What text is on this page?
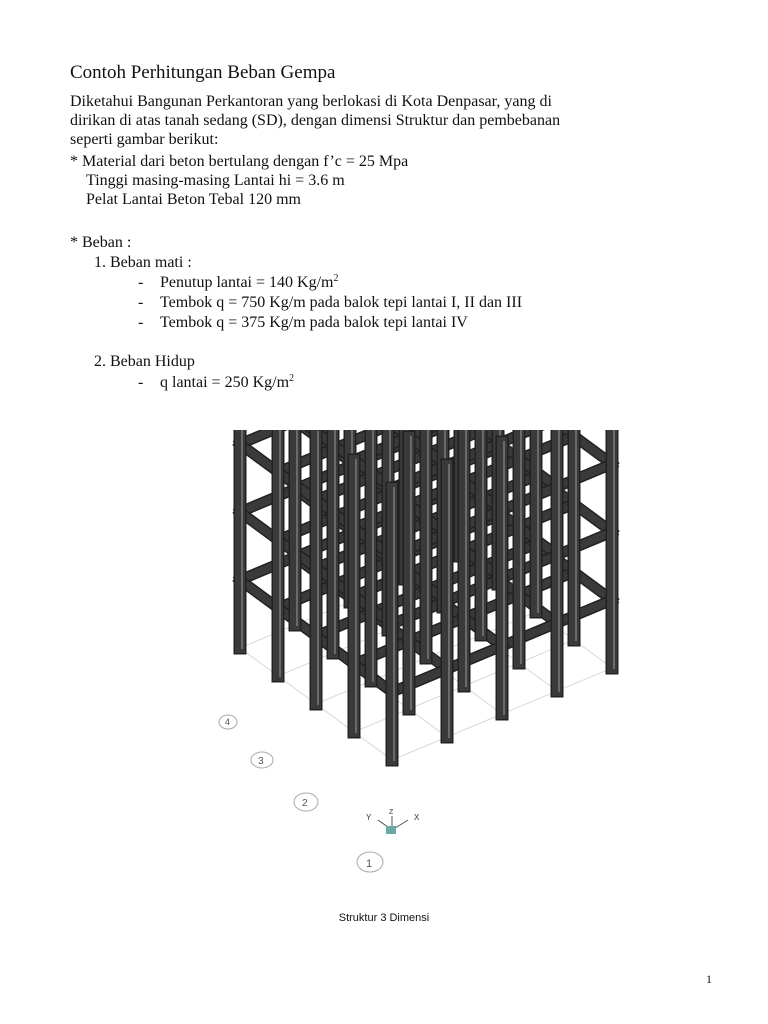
Contoh Perhitungan Beban Gempa
Diketahui Bangunan Perkantoran yang berlokasi di Kota Denpasar, yang di
dirikan di atas tanah sedang (SD), dengan dimensi Struktur dan pembebanan
seperti gambar berikut:
* Material dari beton bertulang dengan f’c = 25 Mpa
Tinggi masing-masing Lantai hi = 3.6 m
Pelat Lantai Beton Tebal 120 mm
* Beban :
1. Beban mati :
- Penutup lantai = 140 $Kg/m^2$
- Tembok q = 750 Kg/m pada balok tepi lantai I, II dan III
- Tembok q = 375 Kg/m pada balok tepi lantai IV
2. Beban Hidup
- q lantai = 250 $Kg/m^2$
1
2
3
4
Y	X
Z
Struktur 3 Dimensi
1
